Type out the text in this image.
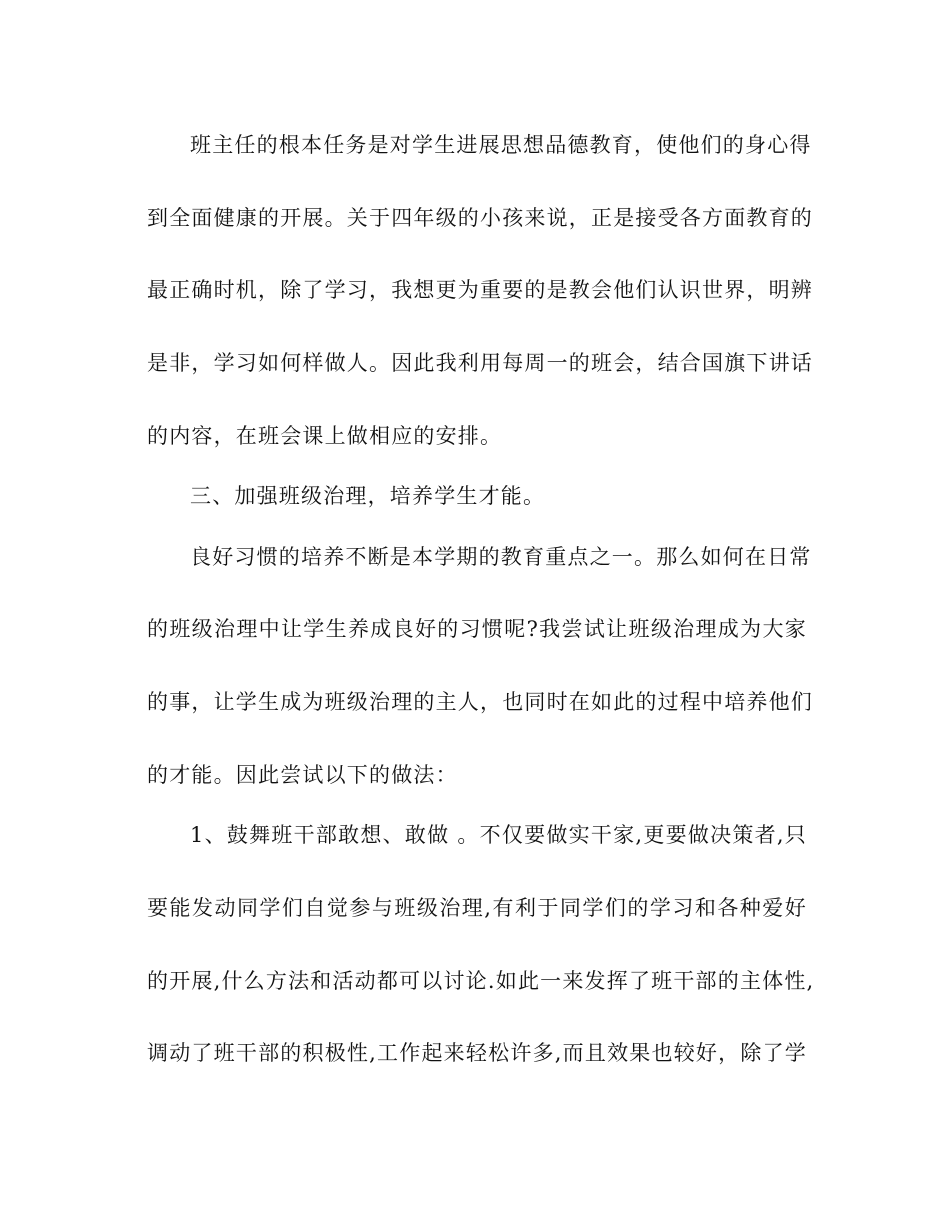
班主任的根本任务是对学生进展思想品德教育，使他们的身心得
到全面健康的开展。关于四年级的小孩来说，正是接受各方面教育的
最正确时机，除了学习，我想更为重要的是教会他们认识世界，明辨
是非，学习如何样做人。因此我利用每周一的班会，结合国旗下讲话
的内容，在班会课上做相应的安排。
三、加强班级治理，培养学生才能。
良好习惯的培养不断是本学期的教育重点之一。那么如何在日常
的班级治理中让学生养成良好的习惯呢?我尝试让班级治理成为大家
的事，让学生成为班级治理的主人，也同时在如此的过程中培养他们
的才能。因此尝试以下的做法：
1、鼓舞班干部敢想、敢做 。不仅要做实干家,更要做决策者,只
要能发动同学们自觉参与班级治理,有利于同学们的学习和各种爱好
的开展,什么方法和活动都可以讨论.如此一来发挥了班干部的主体性,
调动了班干部的积极性,工作起来轻松许多,而且效果也较好，除了学
